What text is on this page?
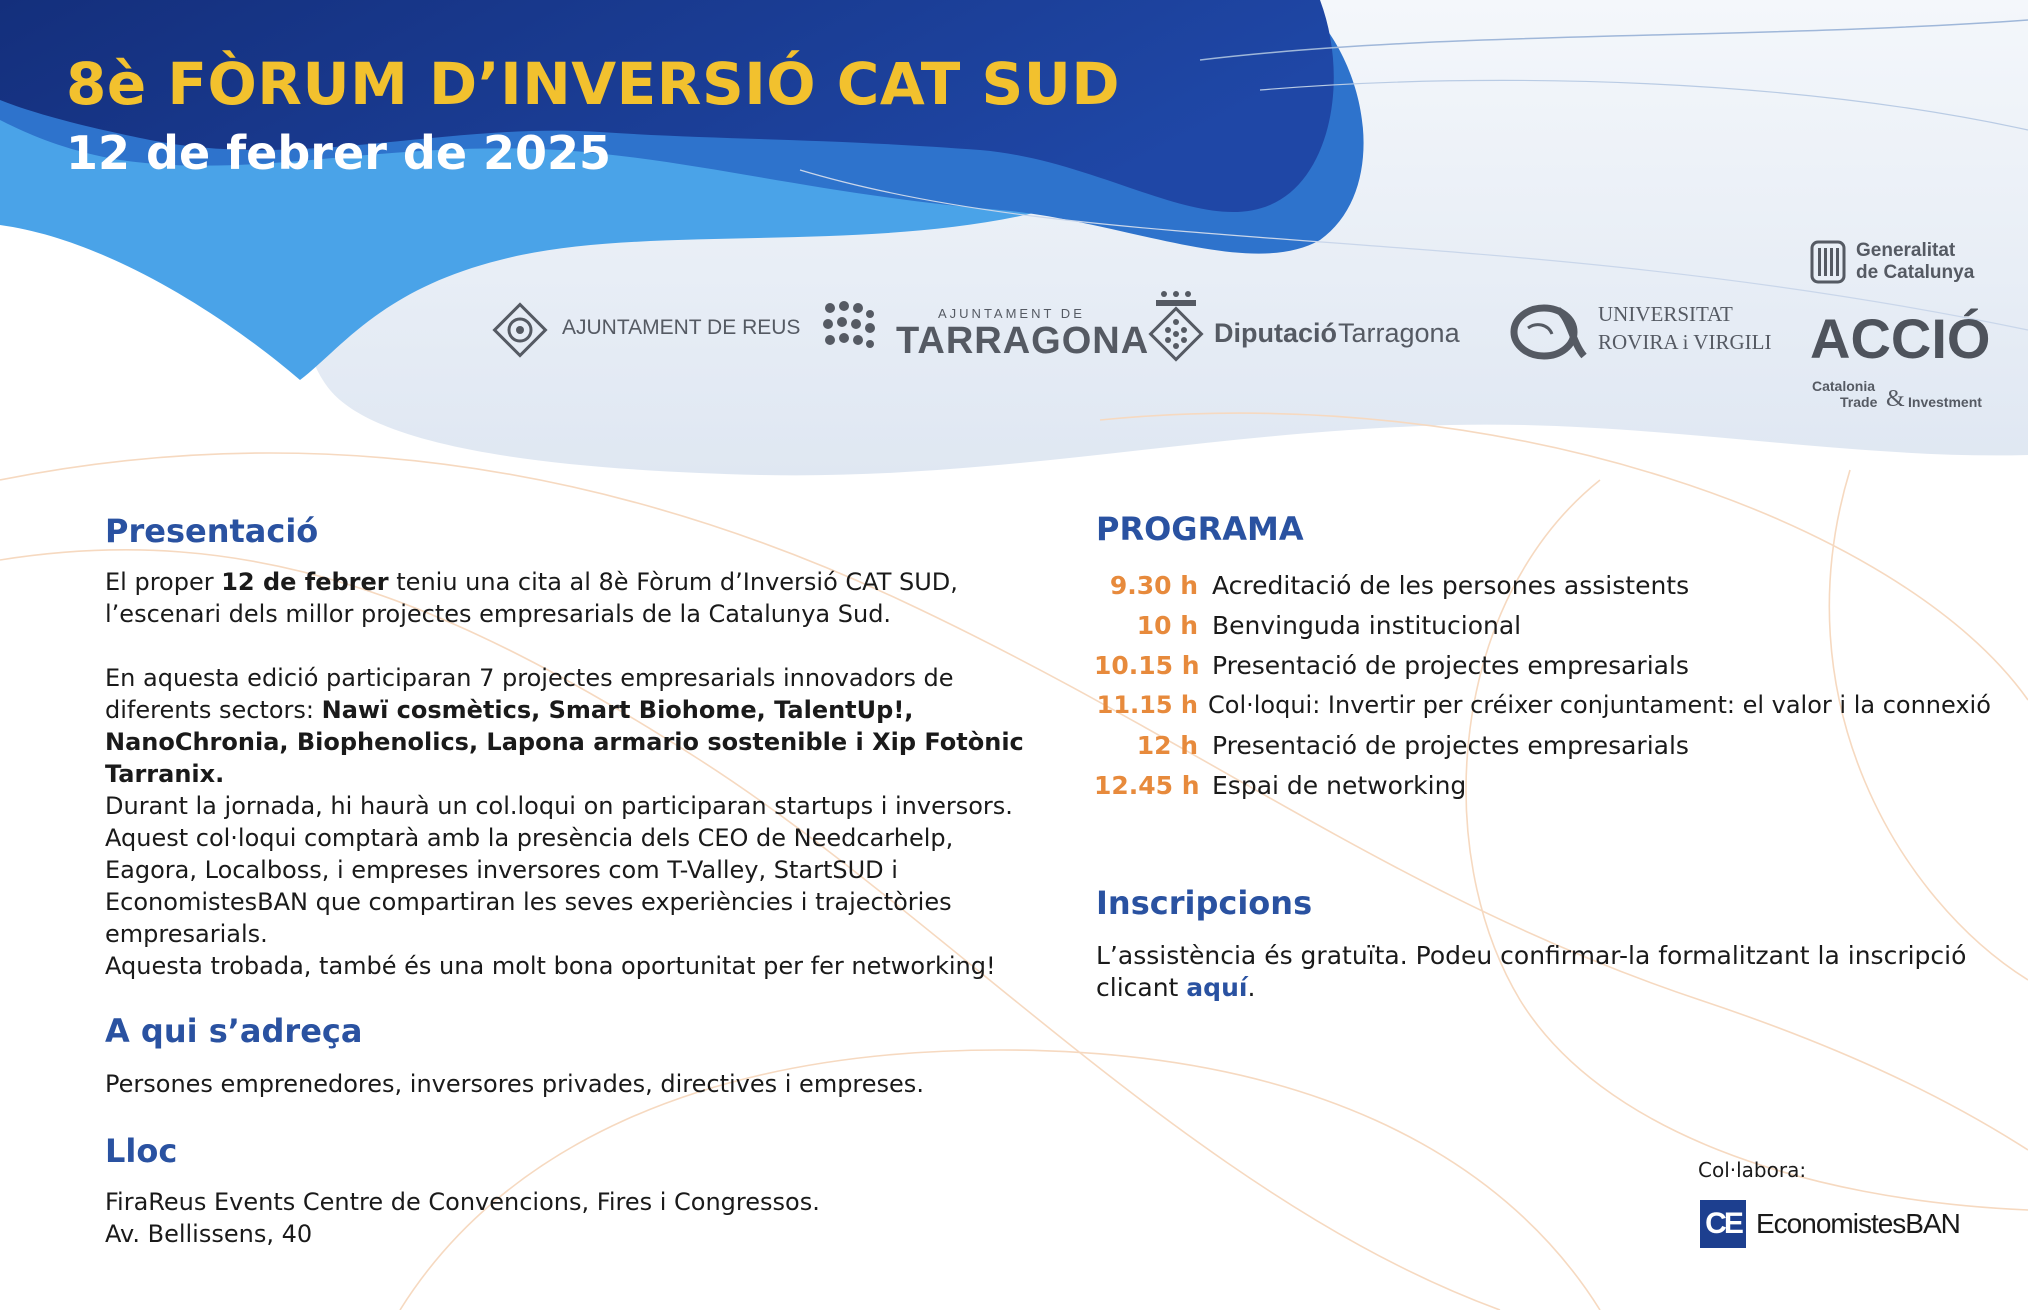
8è FÒRUM D’INVERSIÓ CAT SUD
12 de febrer de 2025
AJUNTAMENT DE REUS
AJUNTAMENT DE
TARRAGONA Diputació Tarragona
UNIVERSITAT
ROVIRA i VIRGILI
Generalitat
de Catalunya
ACCIÓ
Catalonia
Trade & Investment
Presentació
El proper 12 de febrer teniu una cita al 8è Fòrum d’Inversió CAT SUD,
l’escenari dels millor projectes empresarials de la Catalunya Sud.
En aquesta edició participaran 7 projectes empresarials innovadors de
diferents sectors: Nawï cosmètics, Smart Biohome, TalentUp!,
NanoChronia, Biophenolics, Lapona armario sostenible i Xip Fotònic
Tarranix.
Durant la jornada, hi haurà un col.loqui on participaran startups i inversors.
Aquest col·loqui comptarà amb la presència dels CEO de Needcarhelp,
Eagora, Localboss, i empreses inversores com T-Valley, StartSUD i
EconomistesBAN que compartiran les seves experiències i trajectòries
empresarials.
Aquesta trobada, també és una molt bona oportunitat per fer networking!
A qui s’adreça
Persones emprenedores, inversores privades, directives i empreses.
Lloc
FiraReus Events Centre de Convencions, Fires i Congressos.
Av. Bellissens, 40
PROGRAMA
9.30 h Acreditació de les persones assistents
10 h Benvinguda institucional
10.15 h Presentació de projectes empresarials
11.15 h Col·loqui: Invertir per créixer conjuntament: el valor i la connexió
12 h Presentació de projectes empresarials
12.45 h Espai de networking
Inscripcions
L’assistència és gratuïta. Podeu confirmar-la formalitzant la inscripció
clicant aquí.
Col·labora:
CE EconomistesBAN
